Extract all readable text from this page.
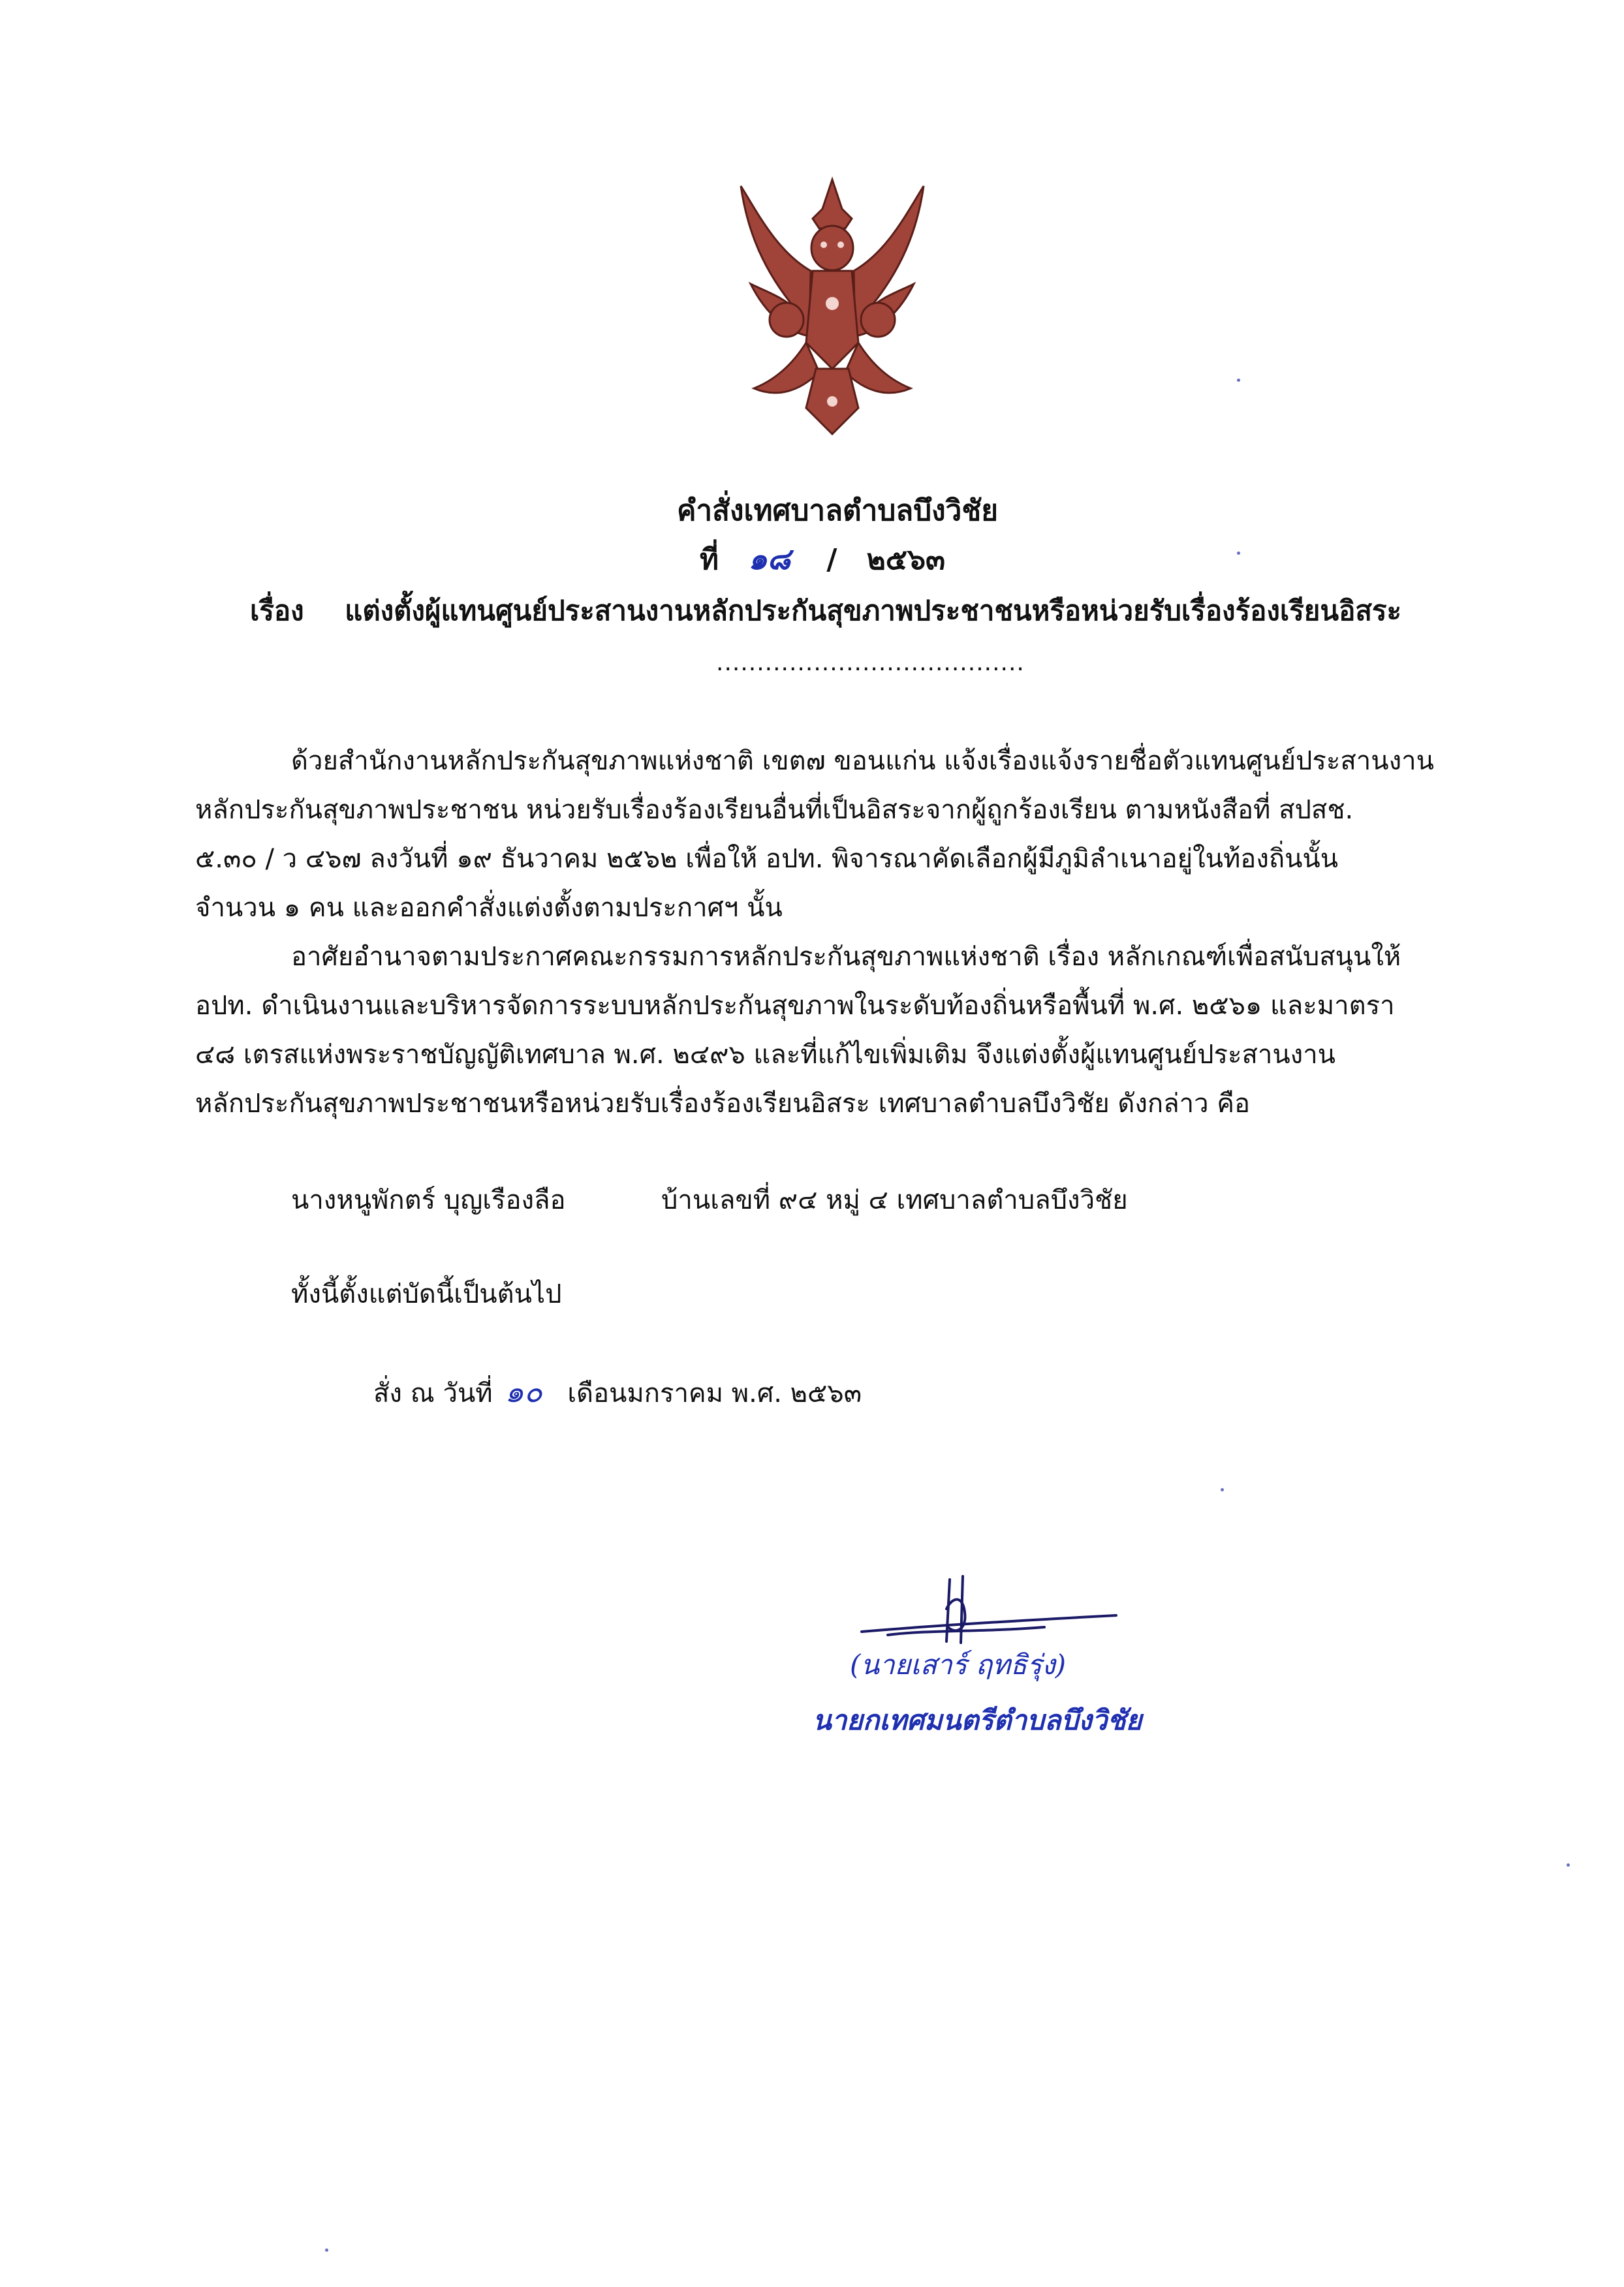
คำสั่งเทศบาลตำบลบึงวิชัย
ที่ ๑๘ / ๒๕๖๓
เรื่อง แต่งตั้งผู้แทนศูนย์ประสานงานหลักประกันสุขภาพประชาชนหรือหน่วยรับเรื่องร้องเรียนอิสระ
......................................
ด้วยสำนักงานหลักประกันสุขภาพแห่งชาติ เขต๗ ขอนแก่น แจ้งเรื่องแจ้งรายชื่อตัวแทนศูนย์ประสานงาน
หลักประกันสุขภาพประชาชน หน่วยรับเรื่องร้องเรียนอื่นที่เป็นอิสระจากผู้ถูกร้องเรียน ตามหนังสือที่ สปสช.
๕.๓๐ / ว ๔๖๗ ลงวันที่ ๑๙ ธันวาคม ๒๕๖๒ เพื่อให้ อปท. พิจารณาคัดเลือกผู้มีภูมิลำเนาอยู่ในท้องถิ่นนั้น
จำนวน ๑ คน และออกคำสั่งแต่งตั้งตามประกาศฯ นั้น
อาศัยอำนาจตามประกาศคณะกรรมการหลักประกันสุขภาพแห่งชาติ เรื่อง หลักเกณฑ์เพื่อสนับสนุนให้
อปท. ดำเนินงานและบริหารจัดการระบบหลักประกันสุขภาพในระดับท้องถิ่นหรือพื้นที่ พ.ศ. ๒๕๖๑ และมาตรา
๔๘ เตรสแห่งพระราชบัญญัติเทศบาล พ.ศ. ๒๔๙๖ และที่แก้ไขเพิ่มเติม จึงแต่งตั้งผู้แทนศูนย์ประสานงาน
หลักประกันสุขภาพประชาชนหรือหน่วยรับเรื่องร้องเรียนอิสระ เทศบาลตำบลบึงวิชัย ดังกล่าว คือ
นางหนูพักตร์ บุญเรืองลือ	บ้านเลขที่ ๙๔ หมู่ ๔ เทศบาลตำบลบึงวิชัย
ทั้งนี้ตั้งแต่บัดนี้เป็นต้นไป
สั่ง ณ วันที่ ๑๐ เดือนมกราคม พ.ศ. ๒๕๖๓
(นายเสาร์ ฤทธิรุ่ง)
นายกเทศมนตรีตำบลบึงวิชัย
